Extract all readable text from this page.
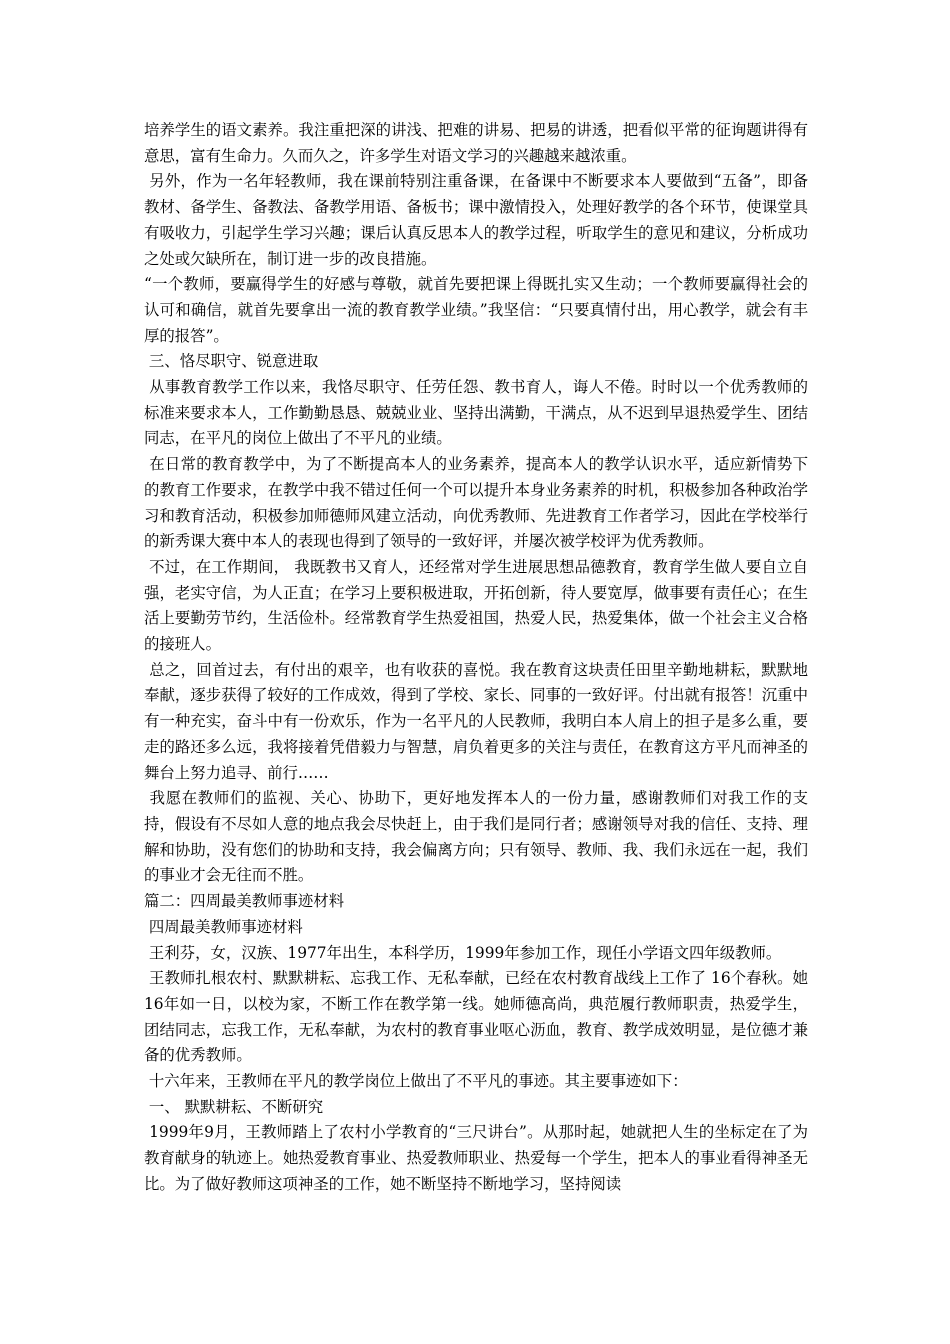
培养学生的语文素养。我注重把深的讲浅、把难的讲易、把易的讲透，把看似平常的征询题讲得有意思，富有生命力。久而久之，许多学生对语文学习的兴趣越来越浓重。

另外，作为一名年轻教师，我在课前特别注重备课，在备课中不断要求本人要做到“五备”，即备教材、备学生、备教法、备教学用语、备板书；课中激情投入，处理好教学的各个环节，使课堂具有吸收力，引起学生学习兴趣；课后认真反思本人的教学过程，听取学生的意见和建议，分析成功之处或欠缺所在，制订进一步的改良措施。

“一个教师，要赢得学生的好感与尊敬，就首先要把课上得既扎实又生动；一个教师要赢得社会的认可和确信，就首先要拿出一流的教育教学业绩。”我坚信：“只要真情付出，用心教学，就会有丰厚的报答”。

三、恪尽职守、锐意进取

从事教育教学工作以来，我恪尽职守、任劳任怨、教书育人，诲人不倦。时时以一个优秀教师的标准来要求本人，工作勤勤恳恳、兢兢业业、坚持出满勤，干满点，从不迟到早退热爱学生、团结同志，在平凡的岗位上做出了不平凡的业绩。

在日常的教育教学中，为了不断提高本人的业务素养，提高本人的教学认识水平，适应新情势下的教育工作要求，在教学中我不错过任何一个可以提升本身业务素养的时机，积极参加各种政治学习和教育活动，积极参加师德师风建立活动，向优秀教师、先进教育工作者学习，因此在学校举行的新秀课大赛中本人的表现也得到了领导的一致好评，并屡次被学校评为优秀教师。

不过，在工作期间， 我既教书又育人，还经常对学生进展思想品德教育，教育学生做人要自立自强，老实守信，为人正直；在学习上要积极进取，开拓创新，待人要宽厚，做事要有责任心；在生活上要勤劳节约，生活俭朴。经常教育学生热爱祖国，热爱人民，热爱集体，做一个社会主义合格的接班人。

总之，回首过去，有付出的艰辛，也有收获的喜悦。我在教育这块责任田里辛勤地耕耘，默默地奉献，逐步获得了较好的工作成效，得到了学校、家长、同事的一致好评。付出就有报答！沉重中有一种充实，奋斗中有一份欢乐，作为一名平凡的人民教师，我明白本人肩上的担子是多么重，要走的路还多么远，我将接着凭借毅力与智慧，肩负着更多的关注与责任，在教育这方平凡而神圣的舞台上努力追寻、前行……

我愿在教师们的监视、关心、协助下，更好地发挥本人的一份力量，感谢教师们对我工作的支持，假设有不尽如人意的地点我会尽快赶上，由于我们是同行者；感谢领导对我的信任、支持、理解和协助，没有您们的协助和支持，我会偏离方向；只有领导、教师、我、我们永远在一起，我们的事业才会无往而不胜。

篇二：四周最美教师事迹材料

四周最美教师事迹材料

王利芬，女，汉族、1977年出生，本科学历，1999年参加工作，现任小学语文四年级教师。

王教师扎根农村、默默耕耘、忘我工作、无私奉献，已经在农村教育战线上工作了 16个春秋。她16年如一日，以校为家，不断工作在教学第一线。她师德高尚，典范履行教师职责，热爱学生，团结同志，忘我工作，无私奉献，为农村的教育事业呕心沥血，教育、教学成效明显，是位德才兼备的优秀教师。

十六年来，王教师在平凡的教学岗位上做出了不平凡的事迹。其主要事迹如下：

一、 默默耕耘、不断研究

1999年9月，王教师踏上了农村小学教育的“三尺讲台”。从那时起，她就把人生的坐标定在了为教育献身的轨迹上。她热爱教育事业、热爱教师职业、热爱每一个学生，把本人的事业看得神圣无比。为了做好教师这项神圣的工作，她不断坚持不断地学习，坚持阅读
